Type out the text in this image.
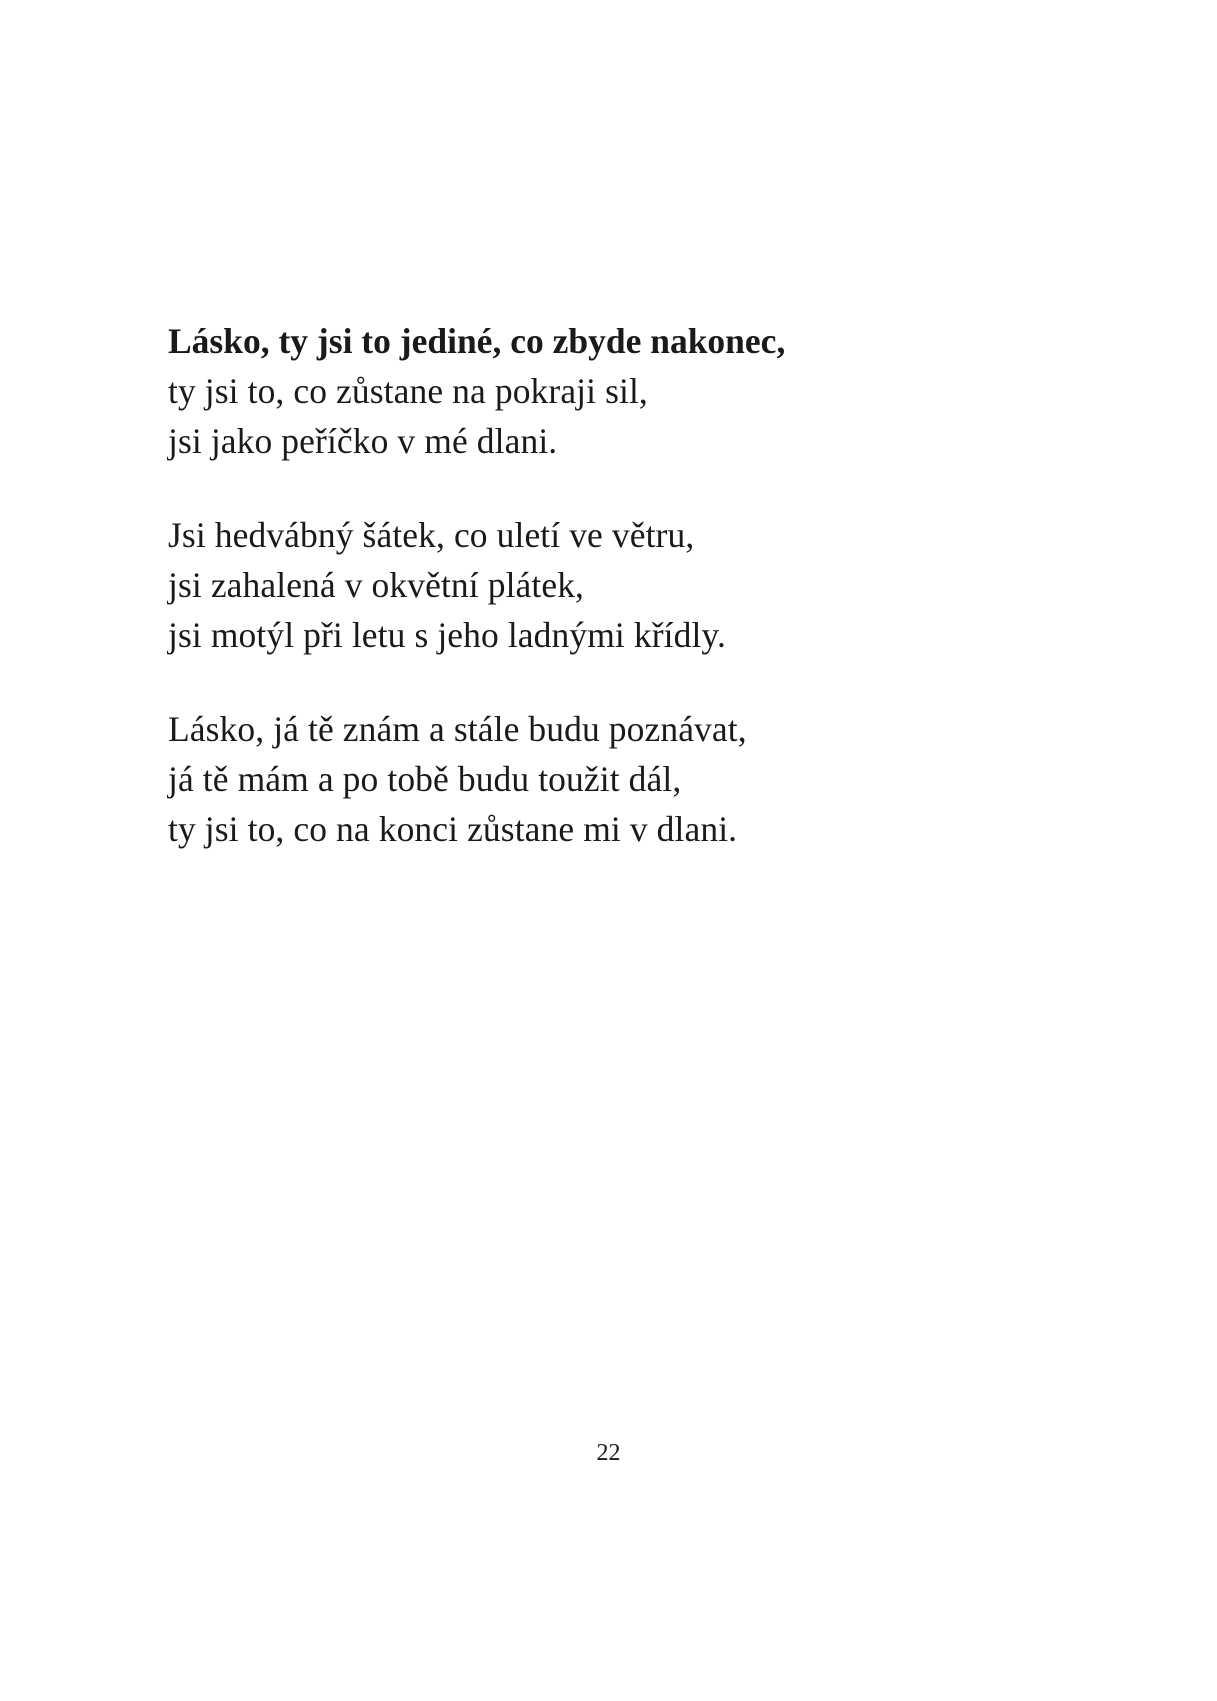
Lásko, ty jsi to jediné, co zbyde nakonec,
ty jsi to, co zůstane na pokraji sil,
jsi jako peříčko v mé dlani.
Jsi hedvábný šátek, co uletí ve větru,
jsi zahalená v okvětní plátek,
jsi motýl při letu s jeho ladnými křídly.
Lásko, já tě znám a stále budu poznávat,
já tě mám a po tobě budu toužit dál,
ty jsi to, co na konci zůstane mi v dlani.
22
